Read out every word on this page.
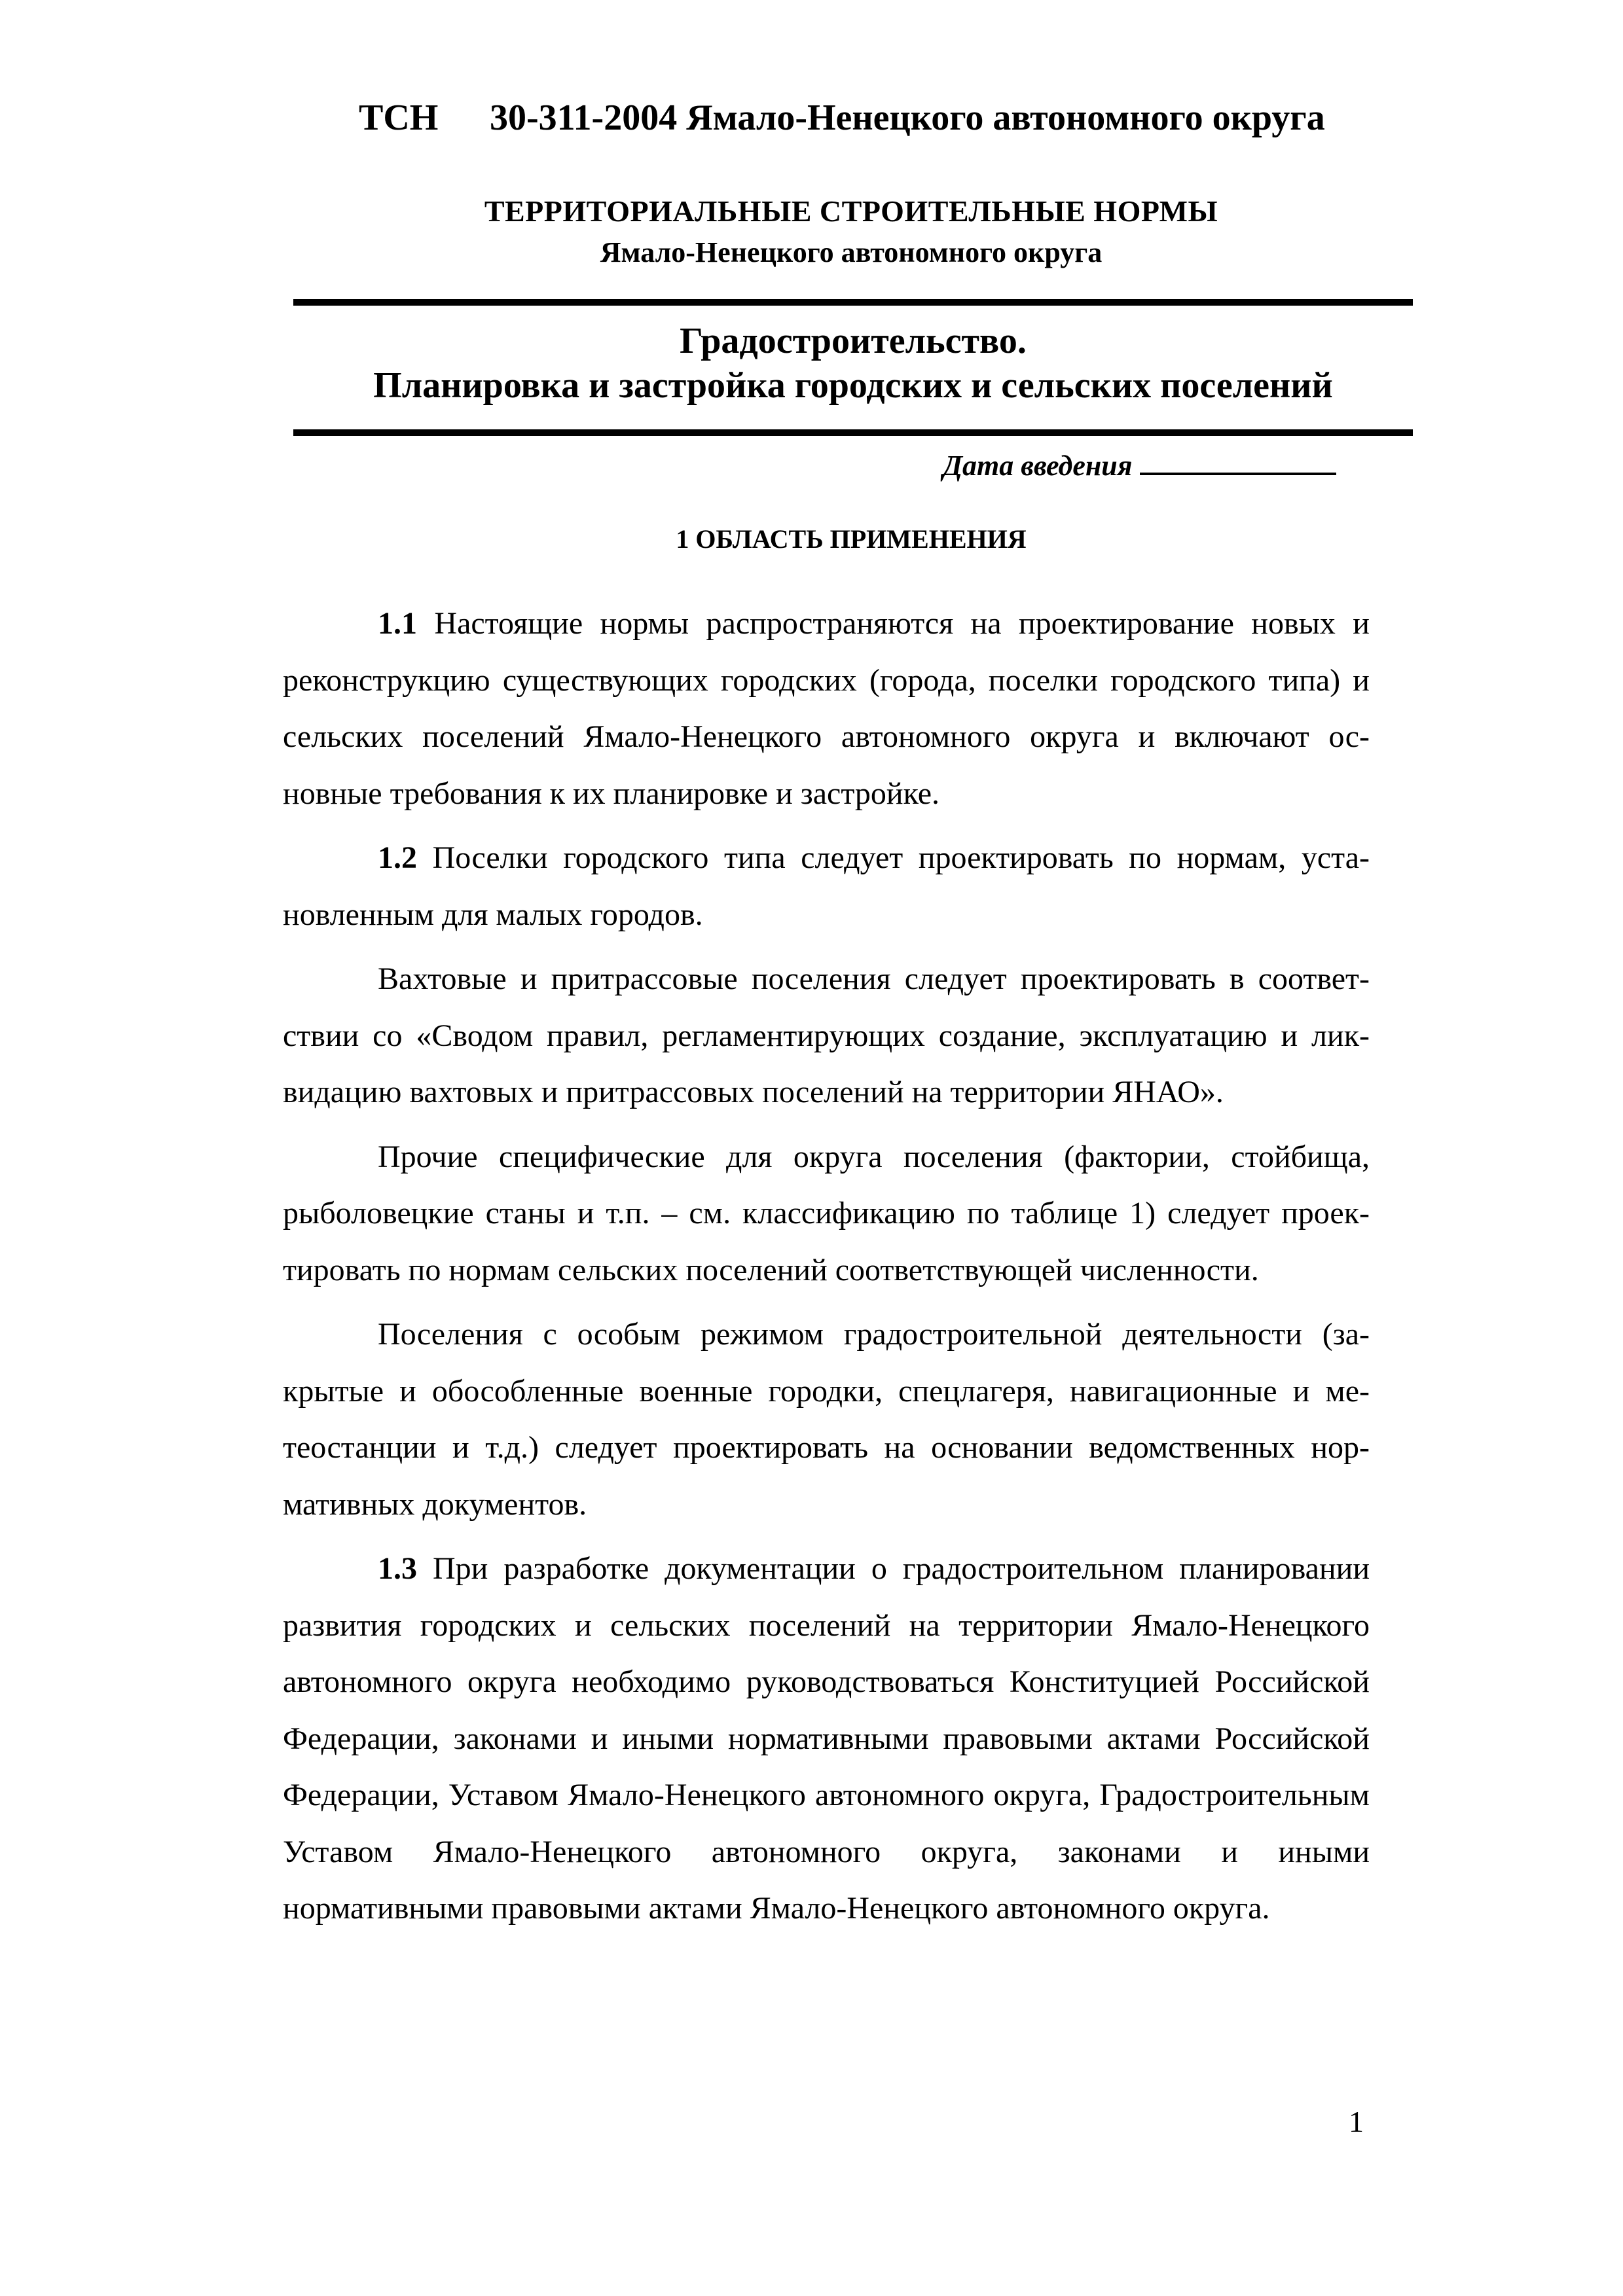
ТСН 30-311-2004 Ямало-Ненецкого автономного округа
ТЕРРИТОРИАЛЬНЫЕ СТРОИТЕЛЬНЫЕ НОРМЫ
Ямало-Ненецкого автономного округа
Градостроительство.
Планировка и застройка городских и сельских поселений
Дата введения
1 ОБЛАСТЬ ПРИМЕНЕНИЯ

1.1 Настоящие нормы распространяются на проектирование новых и реконструкцию существующих городских (города, поселки городского типа) и сельских поселений Ямало-Ненецкого автономного округа и включают основные требования к их планировке и застройке.

1.2 Поселки городского типа следует проектировать по нормам, установленным для малых городов.

Вахтовые и притрассовые поселения следует проектировать в соответствии со «Сводом правил, регламентирующих создание, эксплуатацию и ликвидацию вахтовых и притрассовых поселений на территории ЯНАО».

Прочие специфические для округа поселения (фактории, стойбища, рыболовецкие станы и т.п. – см. классификацию по таблице 1) следует проектировать по нормам сельских поселений соответствующей численности.

Поселения с особым режимом градостроительной деятельности (закрытые и обособленные военные городки, спецлагеря, навигационные и метеостанции и т.д.) следует проектировать на основании ведомственных нормативных документов.

1.3 При разработке документации о градостроительном планировании развития городских и сельских поселений на территории Ямало-Ненецкого автономного округа необходимо руководствоваться Конституцией Российской Федерации, законами и иными нормативными правовыми актами Российской Федерации, Уставом Ямало-Ненецкого автономного округа, Градостроительным Уставом Ямало-Ненецкого автономного округа, законами и иными нормативными правовыми актами Ямало-Ненецкого автономного округа.

1
